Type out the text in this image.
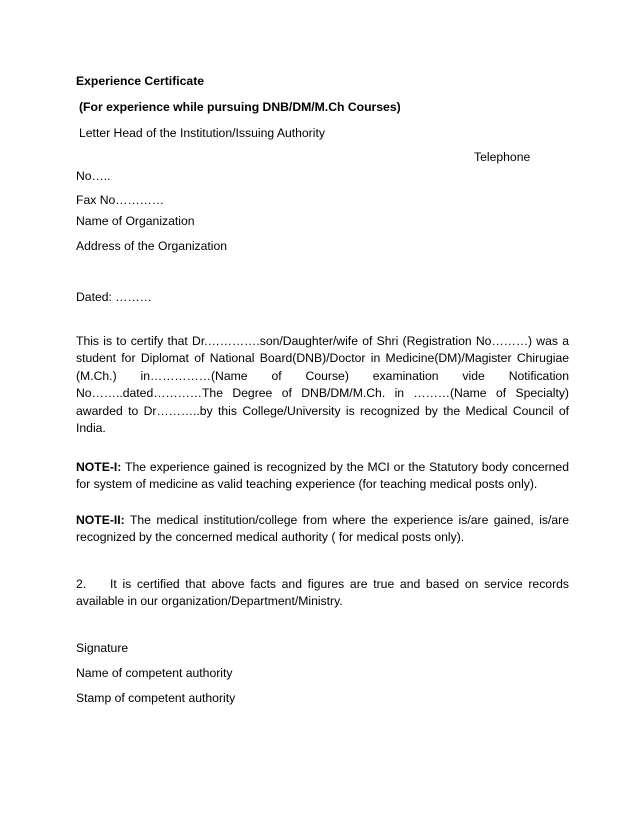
Experience Certificate
(For experience while pursuing DNB/DM/M.Ch Courses)
Letter Head of the Institution/Issuing Authority
Telephone
No…..
Fax No…………
Name of Organization
Address of the Organization
Dated: ………
This is to certify that Dr.………….son/Daughter/wife of Shri (Registration No………) was a student for Diplomat of National Board(DNB)/Doctor in Medicine(DM)/Magister Chirugiae (M.Ch.) in……………(Name of Course) examination vide Notification No……..dated…………The Degree of DNB/DM/M.Ch. in ………(Name of Specialty) awarded to Dr………..by this College/University is recognized by the Medical Council of India.
NOTE-I: The experience gained is recognized by the MCI or the Statutory body concerned for system of medicine as valid teaching experience (for teaching medical posts only).
NOTE-II: The medical institution/college from where the experience is/are gained, is/are recognized by the concerned medical authority ( for medical posts only).
2. It is certified that above facts and figures are true and based on service records available in our organization/Department/Ministry.
Signature
Name of competent authority
Stamp of competent authority
